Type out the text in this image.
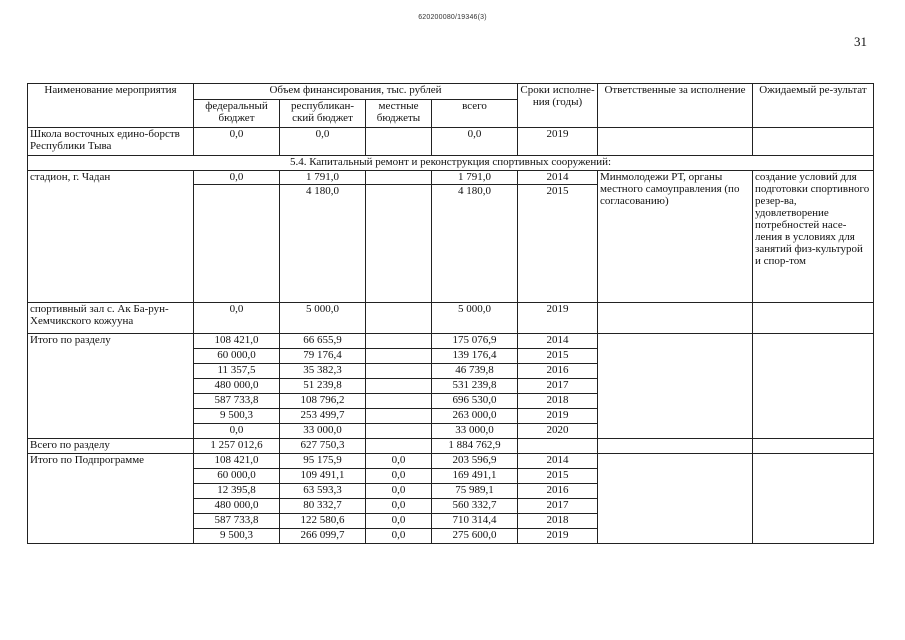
620200080/19346(3)
31
Наименование мероприятия	Объем финансирования, тыс. рублей				Сроки исполне-ния (годы)	Ответственные за исполнение	Ожидаемый ре-зультат
	федеральный бюджет	республикан-ский бюджет	местные бюджеты	всего			
Школа восточных едино-борств Республики Тыва	0,0	0,0		0,0	2019		
5.4. Капитальный ремонт и реконструкция спортивных сооружений:							
стадион, г. Чадан	0,0	1 791,0		1 791,0	2014	Минмолодежи РТ, органы местного самоуправления (по согласованию)	создание условий для подготовки спортивного резер-ва, удовлетворение потребностей насе-ления в условиях для занятий физ-культурой и спор-том
		4 180,0		4 180,0	2015		
спортивный зал с. Ак Ба-рун-Хемчикского кожууна	0,0	5 000,0		5 000,0	2019		
Итого по разделу	108 421,0	66 655,9		175 076,9	2014		
	60 000,0	79 176,4		139 176,4	2015		
	11 357,5	35 382,3		46 739,8	2016		
	480 000,0	51 239,8		531 239,8	2017		
	587 733,8	108 796,2		696 530,0	2018		
	9 500,3	253 499,7		263 000,0	2019		
	0,0	33 000,0		33 000,0	2020		
Всего по разделу	1 257 012,6	627 750,3		1 884 762,9			
Итого по Подпрограмме	108 421,0	95 175,9	0,0	203 596,9	2014		
	60 000,0	109 491,1	0,0	169 491,1	2015		
	12 395,8	63 593,3	0,0	75 989,1	2016		
	480 000,0	80 332,7	0,0	560 332,7	2017		
	587 733,8	122 580,6	0,0	710 314,4	2018		
	9 500,3	266 099,7	0,0	275 600,0	2019		
